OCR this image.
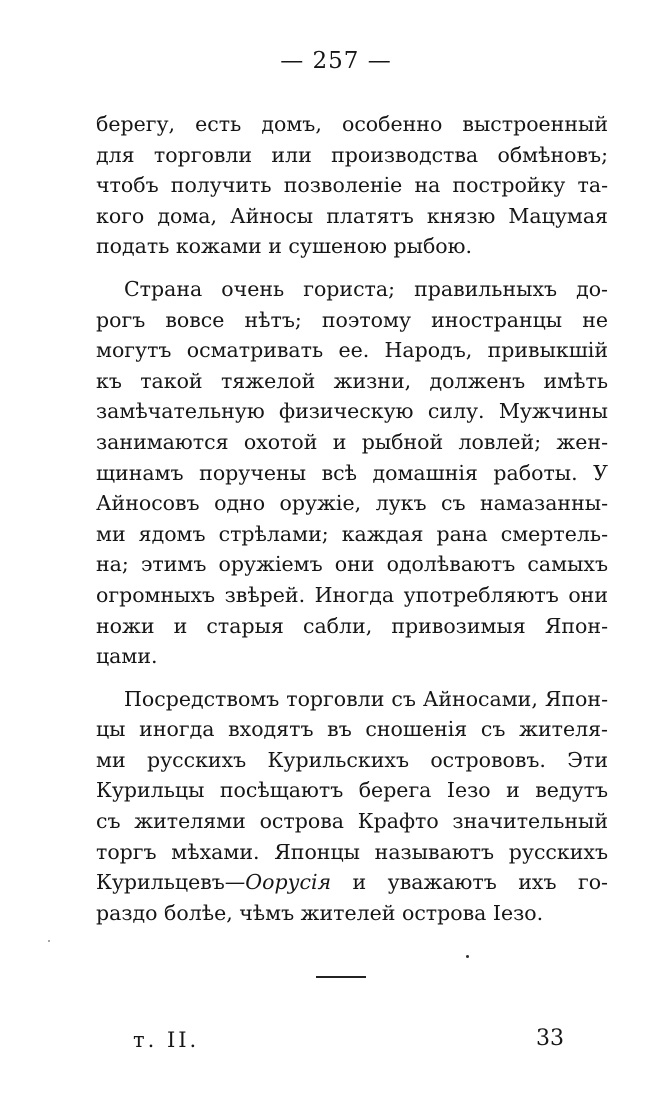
— 257 —
берегу, есть домъ, особенно выстроенный
для торговли или производства обмѣновъ;
чтобъ получить позволенiе на постройку та-
кого дома, Айносы платятъ князю Мацумая
подать кожами и сушеною рыбою.
Страна очень гориста; правильныхъ до-
рогъ вовсе нѣтъ; поэтому иностранцы не
могутъ осматривать ее. Народъ, привыкшiй
къ такой тяжелой жизни, долженъ имѣть
замѣчательную физическую силу. Мужчины
занимаются охотой и рыбной ловлей; жен-
щинамъ поручены всѣ домашнiя работы. У
Айносовъ одно оружiе, лукъ съ намазанны-
ми ядомъ стрѣлами; каждая рана смертель-
на; этимъ оружiемъ они одолѣваютъ самыхъ
огромныхъ звѣрей. Иногда употребляютъ они
ножи и старыя сабли, привозимыя Япон-
цами.
Посредствомъ торговли съ Айносами, Япон-
цы иногда входятъ въ сношенiя съ жителя-
ми русскихъ Курильскихъ острововъ. Эти
Курильцы посѣщаютъ берега Iезо и ведутъ
съ жителями острова Крафто значительный
торгъ мѣхами. Японцы называютъ русскихъ
Курильцевъ—Оорусiя и уважаютъ ихъ го-
раздо болѣе, чѣмъ жителей острова Iезо.
т. II.	33
